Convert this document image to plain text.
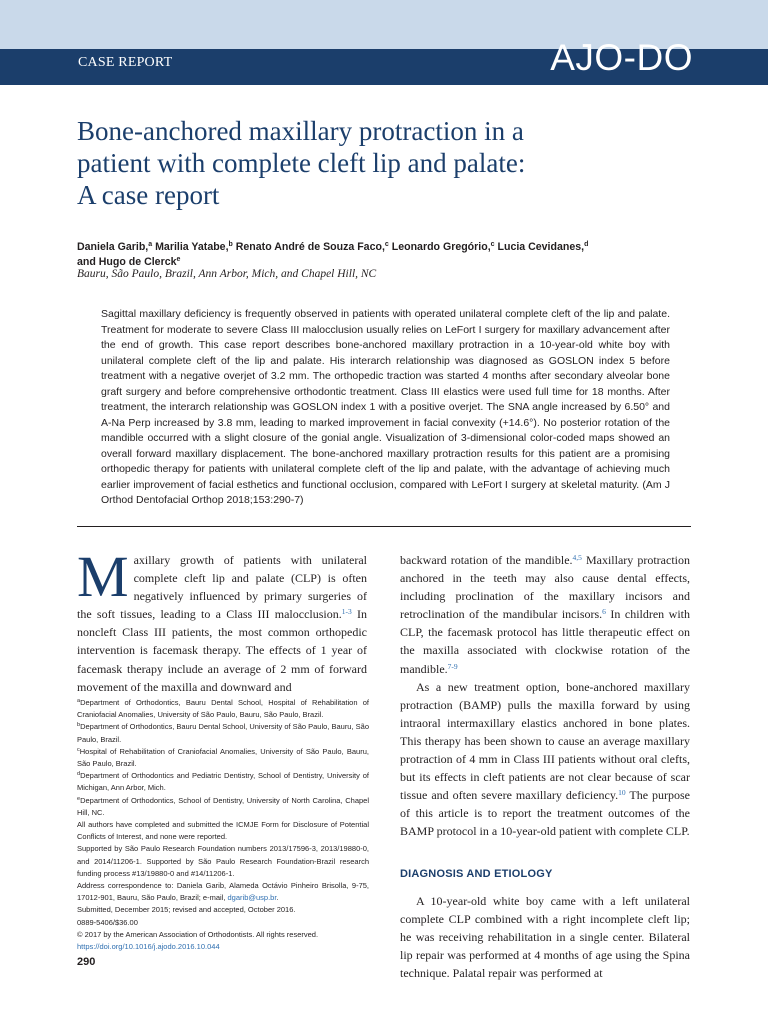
CASE REPORT	AJO-DO
Bone-anchored maxillary protraction in a
patient with complete cleft lip and palate:
A case report
Daniela Garib,$^a$ Marilia Yatabe,$^b$ Renato André de Souza Faco,$^c$ Leonardo Gregório,$^c$ Lucia Cevidanes,$^d$
and Hugo de Clerck$^e$
Bauru, São Paulo, Brazil, Ann Arbor, Mich, and Chapel Hill, NC
Sagittal maxillary deficiency is frequently observed in patients with operated unilateral complete cleft of the lip and palate. Treatment for moderate to severe Class III malocclusion usually relies on LeFort I surgery for maxillary advancement after the end of growth. This case report describes bone-anchored maxillary protraction in a 10-year-old white boy with unilateral complete cleft of the lip and palate. His interarch relationship was diagnosed as GOSLON index 5 before treatment with a negative overjet of 3.2 mm. The orthopedic traction was started 4 months after secondary alveolar bone graft surgery and before comprehensive orthodontic treatment. Class III elastics were used full time for 18 months. After treatment, the interarch relationship was GOSLON index 1 with a positive overjet. The SNA angle increased by 6.50° and A-Na Perp increased by 3.8 mm, leading to marked improvement in facial convexity (+14.6°). No posterior rotation of the mandible occurred with a slight closure of the gonial angle. Visualization of 3-dimensional color-coded maps showed an overall forward maxillary displacement. The bone-anchored maxillary protraction results for this patient are a promising orthopedic therapy for patients with unilateral complete cleft of the lip and palate, with the advantage of achieving much earlier improvement of facial esthetics and functional occlusion, compared with LeFort I surgery at skeletal maturity. (Am J Orthod Dentofacial Orthop 2018;153:290-7)

Maxillary growth of patients with unilateral complete cleft lip and palate (CLP) is often negatively influenced by primary surgeries of the soft tissues, leading to a Class III malocclusion.$^{1-3}$ In noncleft Class III patients, the most common orthopedic intervention is facemask therapy. The effects of 1 year of facemask therapy include an average of 2 mm of forward movement of the maxilla and downward and

$^a$Department of Orthodontics, Bauru Dental School, Hospital of Rehabilitation of Craniofacial Anomalies, University of São Paulo, Bauru, São Paulo, Brazil.

$^b$Department of Orthodontics, Bauru Dental School, University of São Paulo, Bauru, São Paulo, Brazil.

$^c$Hospital of Rehabilitation of Craniofacial Anomalies, University of São Paulo, Bauru, São Paulo, Brazil.

$^d$Department of Orthodontics and Pediatric Dentistry, School of Dentistry, University of Michigan, Ann Arbor, Mich.

$^e$Department of Orthodontics, School of Dentistry, University of North Carolina, Chapel Hill, NC.

All authors have completed and submitted the ICMJE Form for Disclosure of Potential Conflicts of Interest, and none were reported.

Supported by São Paulo Research Foundation numbers 2013/17596-3, 2013/19880-0, and 2014/11206-1. Supported by São Paulo Research Foundation-Brazil research funding process #13/19880-0 and #14/11206-1.

Address correspondence to: Daniela Garib, Alameda Octávio Pinheiro Brisolla, 9-75, 17012-901, Bauru, São Paulo, Brazil; e-mail, dgarib@usp.br.

Submitted, December 2015; revised and accepted, October 2016.

0889-5406/$36.00

© 2017 by the American Association of Orthodontists. All rights reserved.

https://doi.org/10.1016/j.ajodo.2016.10.044

backward rotation of the mandible.$^{4,5}$ Maxillary protraction anchored in the teeth may also cause dental effects, including proclination of the maxillary incisors and retroclination of the mandibular incisors.$^6$ In children with CLP, the facemask protocol has little therapeutic effect on the maxilla associated with clockwise rotation of the mandible.$^{7-9}$

As a new treatment option, bone-anchored maxillary protraction (BAMP) pulls the maxilla forward by using intraoral intermaxillary elastics anchored in bone plates. This therapy has been shown to cause an average maxillary protraction of 4 mm in Class III patients without oral clefts, but its effects in cleft patients are not clear because of scar tissue and often severe maxillary deficiency.$^{10}$ The purpose of this article is to report the treatment outcomes of the BAMP protocol in a 10-year-old patient with complete CLP.

DIAGNOSIS AND ETIOLOGY

A 10-year-old white boy came with a left unilateral complete CLP combined with a right incomplete cleft lip; he was receiving rehabilitation in a single center. Bilateral lip repair was performed at 4 months of age using the Spina technique. Palatal repair was performed at

290
